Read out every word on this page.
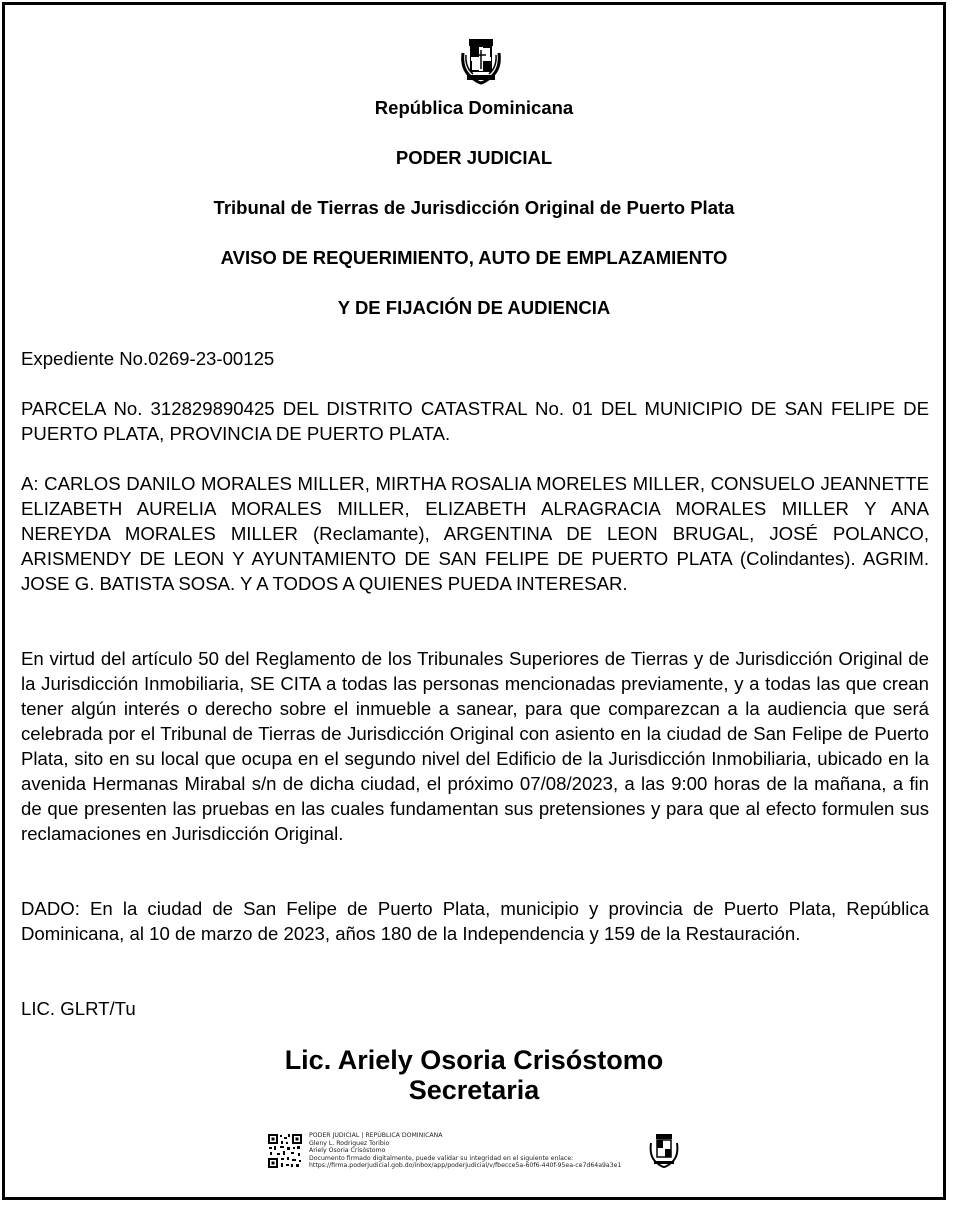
República Dominicana
PODER JUDICIAL
Tribunal de Tierras de Jurisdicción Original de Puerto Plata
AVISO DE REQUERIMIENTO, AUTO DE EMPLAZAMIENTO
Y DE FIJACIÓN DE AUDIENCIA
Expediente No.0269-23-00125
PARCELA No. 312829890425 DEL DISTRITO CATASTRAL No. 01 DEL MUNICIPIO DE SAN FELIPE DE PUERTO PLATA, PROVINCIA DE PUERTO PLATA.
A: CARLOS DANILO MORALES MILLER, MIRTHA ROSALIA MORELES MILLER, CONSUELO JEANNETTE ELIZABETH AURELIA MORALES MILLER, ELIZABETH ALRAGRACIA MORALES MILLER Y ANA NEREYDA MORALES MILLER (Reclamante), ARGENTINA DE LEON BRUGAL, JOSÉ POLANCO, ARISMENDY DE LEON Y AYUNTAMIENTO DE SAN FELIPE DE PUERTO PLATA (Colindantes). AGRIM. JOSE G. BATISTA SOSA. Y A TODOS A QUIENES PUEDA INTERESAR.
En virtud del artículo 50 del Reglamento de los Tribunales Superiores de Tierras y de Jurisdicción Original de la Jurisdicción Inmobiliaria, SE CITA a todas las personas mencionadas previamente, y a todas las que crean tener algún interés o derecho sobre el inmueble a sanear, para que comparezcan a la audiencia que será celebrada por el Tribunal de Tierras de Jurisdicción Original con asiento en la ciudad de San Felipe de Puerto Plata, sito en su local que ocupa en el segundo nivel del Edificio de la Jurisdicción Inmobiliaria, ubicado en la avenida Hermanas Mirabal s/n de dicha ciudad, el próximo 07/08/2023, a las 9:00 horas de la mañana, a fin de que presenten las pruebas en las cuales fundamentan sus pretensiones y para que al efecto formulen sus reclamaciones en Jurisdicción Original.
DADO: En la ciudad de San Felipe de Puerto Plata, municipio y provincia de Puerto Plata, República Dominicana, al 10 de marzo de 2023, años 180 de la Independencia y 159 de la Restauración.
LIC. GLRT/Tu
Lic. Ariely Osoria Crisóstomo
Secretaria
PODER JUDICIAL | REPÚBLICA DOMINICANA
Gleny L. Rodriguez Toribio
Ariely Osoria Crisóstomo
Documento firmado digitalmente, puede validar su integridad en el siguiente enlace:
https://firma.poderjudicial.gob.do/inbox/app/poderjudicial/v/fbecce5a-60f6-440f-95ea-ce7d64a9a3e1
